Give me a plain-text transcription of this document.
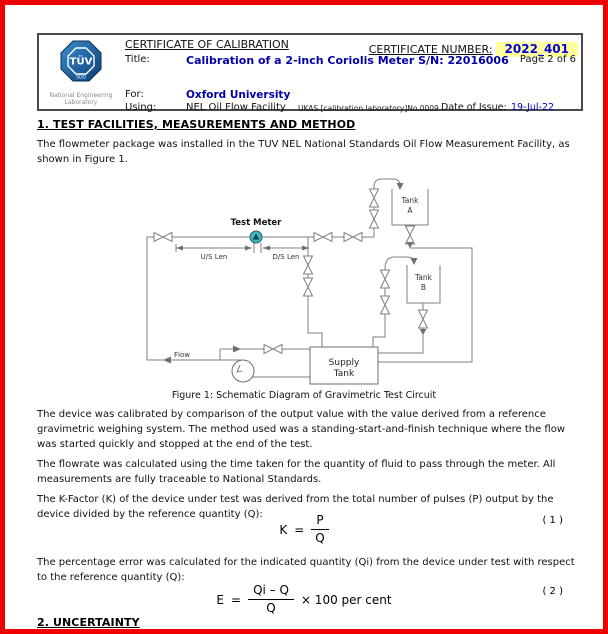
TÜV
SÜD
National Engineering
Laboratory
CERTIFICATE OF CALIBRATION	CERTIFICATE NUMBER: 2022_401
Title:	Calibration of a 2-inch Coriolis Meter S/N: 22016006 Page 2 of 6
For:	Oxford University
Using:	NEL Oil Flow Facility UKAS [calibration laboratory]No.0009 Date of Issue: 19-Jul-22
1. TEST FACILITIES, MEASUREMENTS AND METHOD
The flowmeter package was installed in the TUV NEL National Standards Oil Flow Measurement Facility, as shown in Figure 1.
Test Meter
U/S Len	D/S Len
Tank
A
Tank
B
Supply
Tank
Flow
Figure 1: Schematic Diagram of Gravimetric Test Circuit
The device was calibrated by comparison of the output value with the value derived from a reference gravimetric weighing system. The method used was a standing-start-and-finish technique where the flow was started quickly and stopped at the end of the test.
The flowrate was calculated using the time taken for the quantity of fluid to pass through the meter. All measurements are fully traceable to National Standards.
The K-Factor (K) of the device under test was derived from the total number of pulses (P) output by the device divided by the reference quantity (Q):
$K = \frac{P}{Q}$	( 1 )
The percentage error was calculated for the indicated quantity (Qi) from the device under test with respect to the reference quantity (Q):
$E = \frac{Qi - Q}{Q} \times 100$ per cent
( 2 )
2. UNCERTAINTY
